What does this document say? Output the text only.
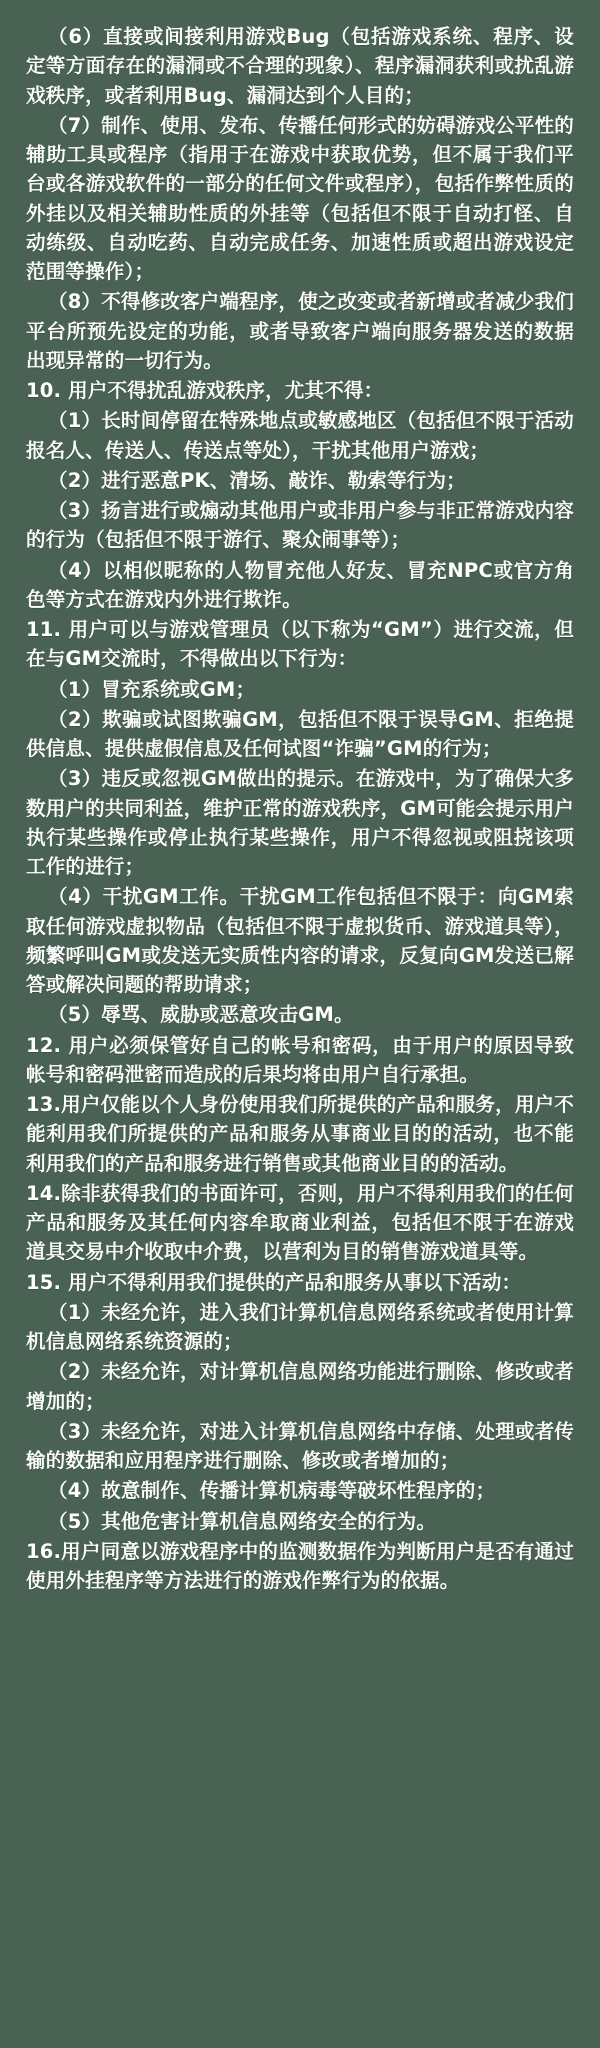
（6）直接或间接利用游戏Bug（包括游戏系统、程序、设定等方面存在的漏洞或不合理的现象）、程序漏洞获利或扰乱游戏秩序，或者利用Bug、漏洞达到个人目的；

（7）制作、使用、发布、传播任何形式的妨碍游戏公平性的辅助工具或程序（指用于在游戏中获取优势，但不属于我们平台或各游戏软件的一部分的任何文件或程序），包括作弊性质的外挂以及相关辅助性质的外挂等（包括但不限于自动打怪、自动练级、自动吃药、自动完成任务、加速性质或超出游戏设定范围等操作）；

（8）不得修改客户端程序，使之改变或者新增或者减少我们平台所预先设定的功能，或者导致客户端向服务器发送的数据出现异常的一切行为。

10. 用户不得扰乱游戏秩序，尤其不得：

（1）长时间停留在特殊地点或敏感地区（包括但不限于活动报名人、传送人、传送点等处），干扰其他用户游戏；

（2）进行恶意PK、清场、敲诈、勒索等行为；

（3）扬言进行或煽动其他用户或非用户参与非正常游戏内容的行为（包括但不限于游行、聚众闹事等）；

（4）以相似昵称的人物冒充他人好友、冒充NPC或官方角色等方式在游戏内外进行欺诈。

11. 用户可以与游戏管理员（以下称为“GM”）进行交流，但在与GM交流时，不得做出以下行为：

（1）冒充系统或GM；

（2）欺骗或试图欺骗GM，包括但不限于误导GM、拒绝提供信息、提供虚假信息及任何试图“诈骗”GM的行为；

（3）违反或忽视GM做出的提示。在游戏中，为了确保大多数用户的共同利益，维护正常的游戏秩序，GM可能会提示用户执行某些操作或停止执行某些操作，用户不得忽视或阻挠该项工作的进行；

（4）干扰GM工作。干扰GM工作包括但不限于：向GM索取任何游戏虚拟物品（包括但不限于虚拟货币、游戏道具等），频繁呼叫GM或发送无实质性内容的请求，反复向GM发送已解答或解决问题的帮助请求；

（5）辱骂、威胁或恶意攻击GM。

12. 用户必须保管好自己的帐号和密码，由于用户的原因导致帐号和密码泄密而造成的后果均将由用户自行承担。

13.用户仅能以个人身份使用我们所提供的产品和服务，用户不能利用我们所提供的产品和服务从事商业目的的活动，也不能利用我们的产品和服务进行销售或其他商业目的的活动。

14.除非获得我们的书面许可，否则，用户不得利用我们的任何产品和服务及其任何内容牟取商业利益，包括但不限于在游戏道具交易中介收取中介费，以营利为目的销售游戏道具等。

15. 用户不得利用我们提供的产品和服务从事以下活动：

（1）未经允许，进入我们计算机信息网络系统或者使用计算机信息网络系统资源的；

（2）未经允许，对计算机信息网络功能进行删除、修改或者增加的；

（3）未经允许，对进入计算机信息网络中存储、处理或者传输的数据和应用程序进行删除、修改或者增加的；

（4）故意制作、传播计算机病毒等破坏性程序的；

（5）其他危害计算机信息网络安全的行为。

16.用户同意以游戏程序中的监测数据作为判断用户是否有通过使用外挂程序等方法进行的游戏作弊行为的依据。
